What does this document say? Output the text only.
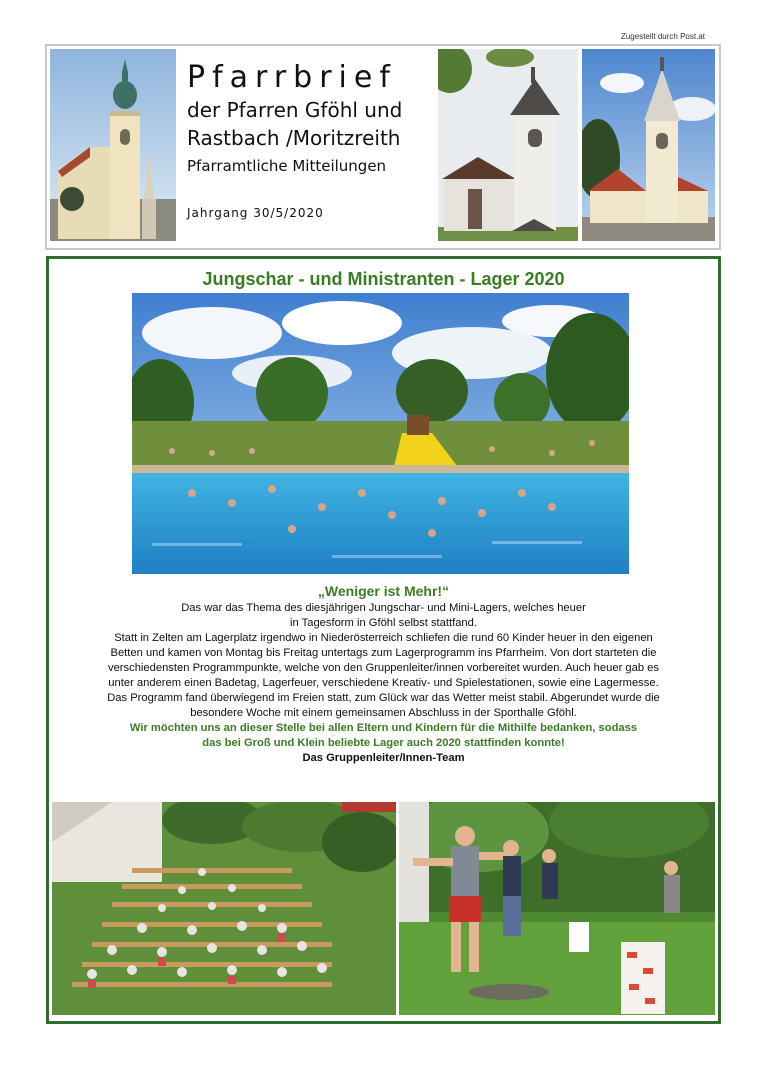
Zugestellt durch Post.at
Pfarrbrief
der Pfarren Gföhl und
Rastbach /Moritzreith
Pfarramtliche Mitteilungen
Jahrgang 30/5/2020
Jungschar - und Ministranten - Lager 2020

„Weniger ist Mehr!“

Das war das Thema des diesjährigen Jungschar- und Mini-Lagers, welches heuer

in Tagesform in Gföhl selbst stattfand.

Statt in Zelten am Lagerplatz irgendwo in Niederösterreich schliefen die rund 60 Kinder heuer in den eigenen

Betten und kamen von Montag bis Freitag untertags zum Lagerprogramm ins Pfarrheim. Von dort starteten die

verschiedensten Programmpunkte, welche von den Gruppenleiter/innen vorbereitet wurden. Auch heuer gab es

unter anderem einen Badetag, Lagerfeuer, verschiedene Kreativ- und Spielestationen, sowie eine Lagermesse.

Das Programm fand überwiegend im Freien statt, zum Glück war das Wetter meist stabil. Abgerundet wurde die

besondere Woche mit einem gemeinsamen Abschluss in der Sporthalle Gföhl.

Wir möchten uns an dieser Stelle bei allen Eltern und Kindern für die Mithilfe bedanken, sodass

das bei Groß und Klein beliebte Lager auch 2020 stattfinden konnte!

Das Gruppenleiter/Innen-Team
